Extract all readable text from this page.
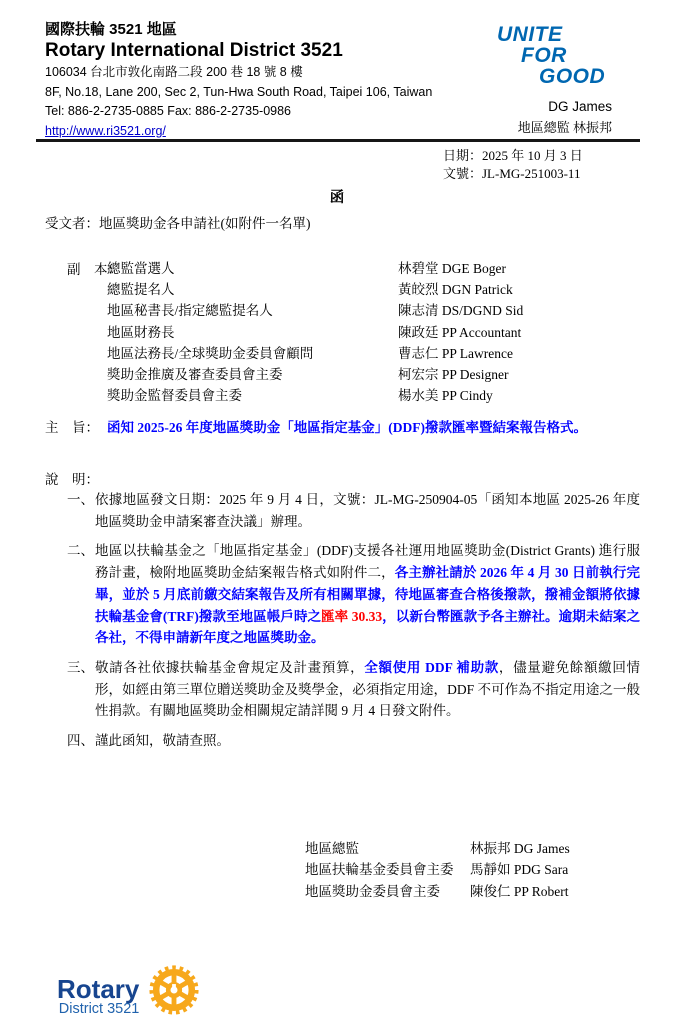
國際扶輪 3521 地區
Rotary International District 3521
106034 台北市敦化南路二段 200 巷 18 號 8 樓
8F, No.18, Lane 200, Sec 2, Tun-Hwa South Road, Taipei 106, Taiwan
Tel: 886-2-2735-0885 Fax: 886-2-2735-0986
http://www.ri3521.org/
UNITE
FOR
GOOD
DG James
地區總監 林振邦
日期：2025 年 10 月 3 日
文號：JL-MG-251003-11
函
受文者：地區獎助金各申請社(如附件一名單)
副　本：
總監當選人	林碧堂 DGE Boger
總監提名人	黃皎烈 DGN Patrick
地區秘書長/指定總監提名人	陳志清 DS/DGND Sid
地區財務長	陳政廷 PP Accountant
地區法務長/全球獎助金委員會顧問	曹志仁 PP Lawrence
獎助金推廣及審查委員會主委	柯宏宗 PP Designer
獎助金監督委員會主委	楊水美 PP Cindy
主　旨： 函知 2025-26 年度地區獎助金「地區指定基金」(DDF)撥款匯率暨結案報告格式。
說　明：
一、 依據地區發文日期：2025 年 9 月 4 日，文號：JL-MG-250904-05「函知本地區 2025-26 年度地區獎助金申請案審查決議」辦理。
二、 地區以扶輪基金之「地區指定基金」(DDF)支援各社運用地區獎助金(District Grants) 進行服務計畫，檢附地區獎助金結案報告格式如附件二，各主辦社請於 2026 年 4 月 30 日前執行完畢，並於 5 月底前繳交結案報告及所有相關單據，待地區審查合格後撥款，撥補金額將依據扶輪基金會(TRF)撥款至地區帳戶時之匯率 30.33，以新台幣匯款予各主辦社。逾期未結案之各社，不得申請新年度之地區獎助金。
三、 敬請各社依據扶輪基金會規定及計畫預算，全額使用 DDF 補助款，儘量避免餘額繳回情形，如經由第三單位贈送獎助金及獎學金，必須指定用途，DDF 不可作為不指定用途之一般性捐款。有關地區獎助金相關規定請詳閱 9 月 4 日發文附件。
四、 謹此函知，敬請查照。
地區總監	林振邦 DG James
地區扶輪基金委員會主委 馬靜如 PDG Sara
地區獎助金委員會主委 陳俊仁 PP Robert
Rotary
District 3521
